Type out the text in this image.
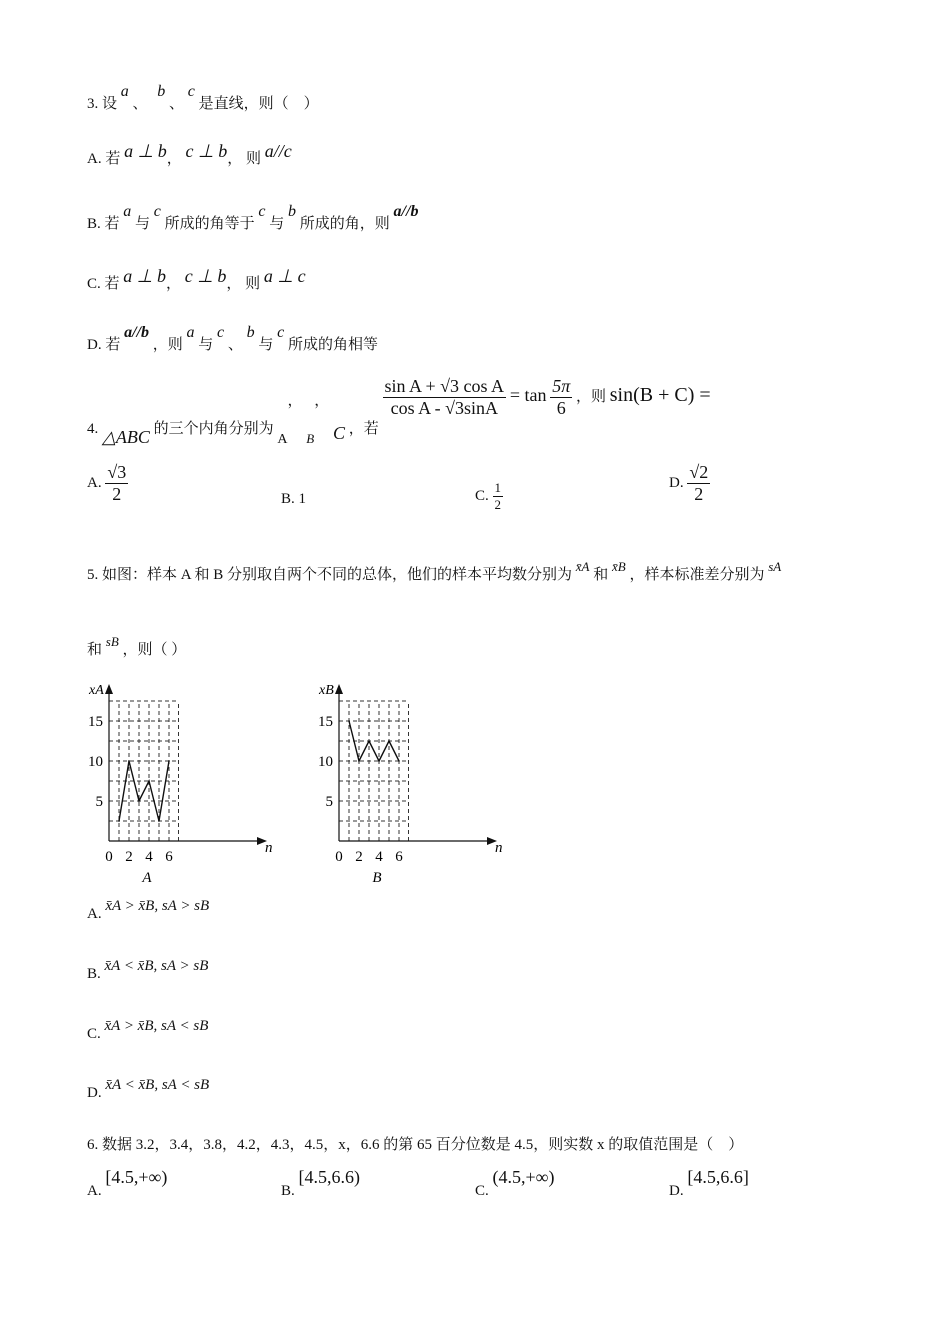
3. 设 a 、 b 、 c 是直线，则（　）
A. 若 a ⊥ b， c ⊥ b， 则 a//c
B. 若 a 与 c 所成的角等于 c 与 b 所成的角，则 a//b
C. 若 a ⊥ b， c ⊥ b， 则 a ⊥ c
D. 若 a//b ，则 a 与 c 、 b 与 c 所成的角相等
4. △ABC 的三个内角分别为 A， B， C ，若
$\frac{\text{sin A + √3 cos A}}{\text{cos A - √3sinA}} = \tan \frac{5\pi}{6}$ ，则 sin(B + C) =
A. $\frac{√3}{2}$	B. 1	C. $\frac{1}{2}$	D. $\frac{√2}{2}$
5. 如图：样本 A 和 B 分别取自两个不同的总体，他们的样本平均数分别为 x̄A 和 x̄B ，样本标准差分别为 sA
和 sB ，则（ ）
xA
n
0 2 4 6
5
10
15
A
xB
n
0 2 4 6
5
10
15
B
A. x̄A > x̄B, sA > sB
B. x̄A < x̄B, sA > sB
C. x̄A > x̄B, sA < sB
D. x̄A < x̄B, sA < sB
6. 数据 3.2，3.4，3.8，4.2，4.3，4.5，x，6.6 的第 65 百分位数是 4.5，则实数 x 的取值范围是（　）
A. [4.5,+∞)
B. [4.5,6.6)
C. (4.5,+∞)
D. [4.5,6.6]
